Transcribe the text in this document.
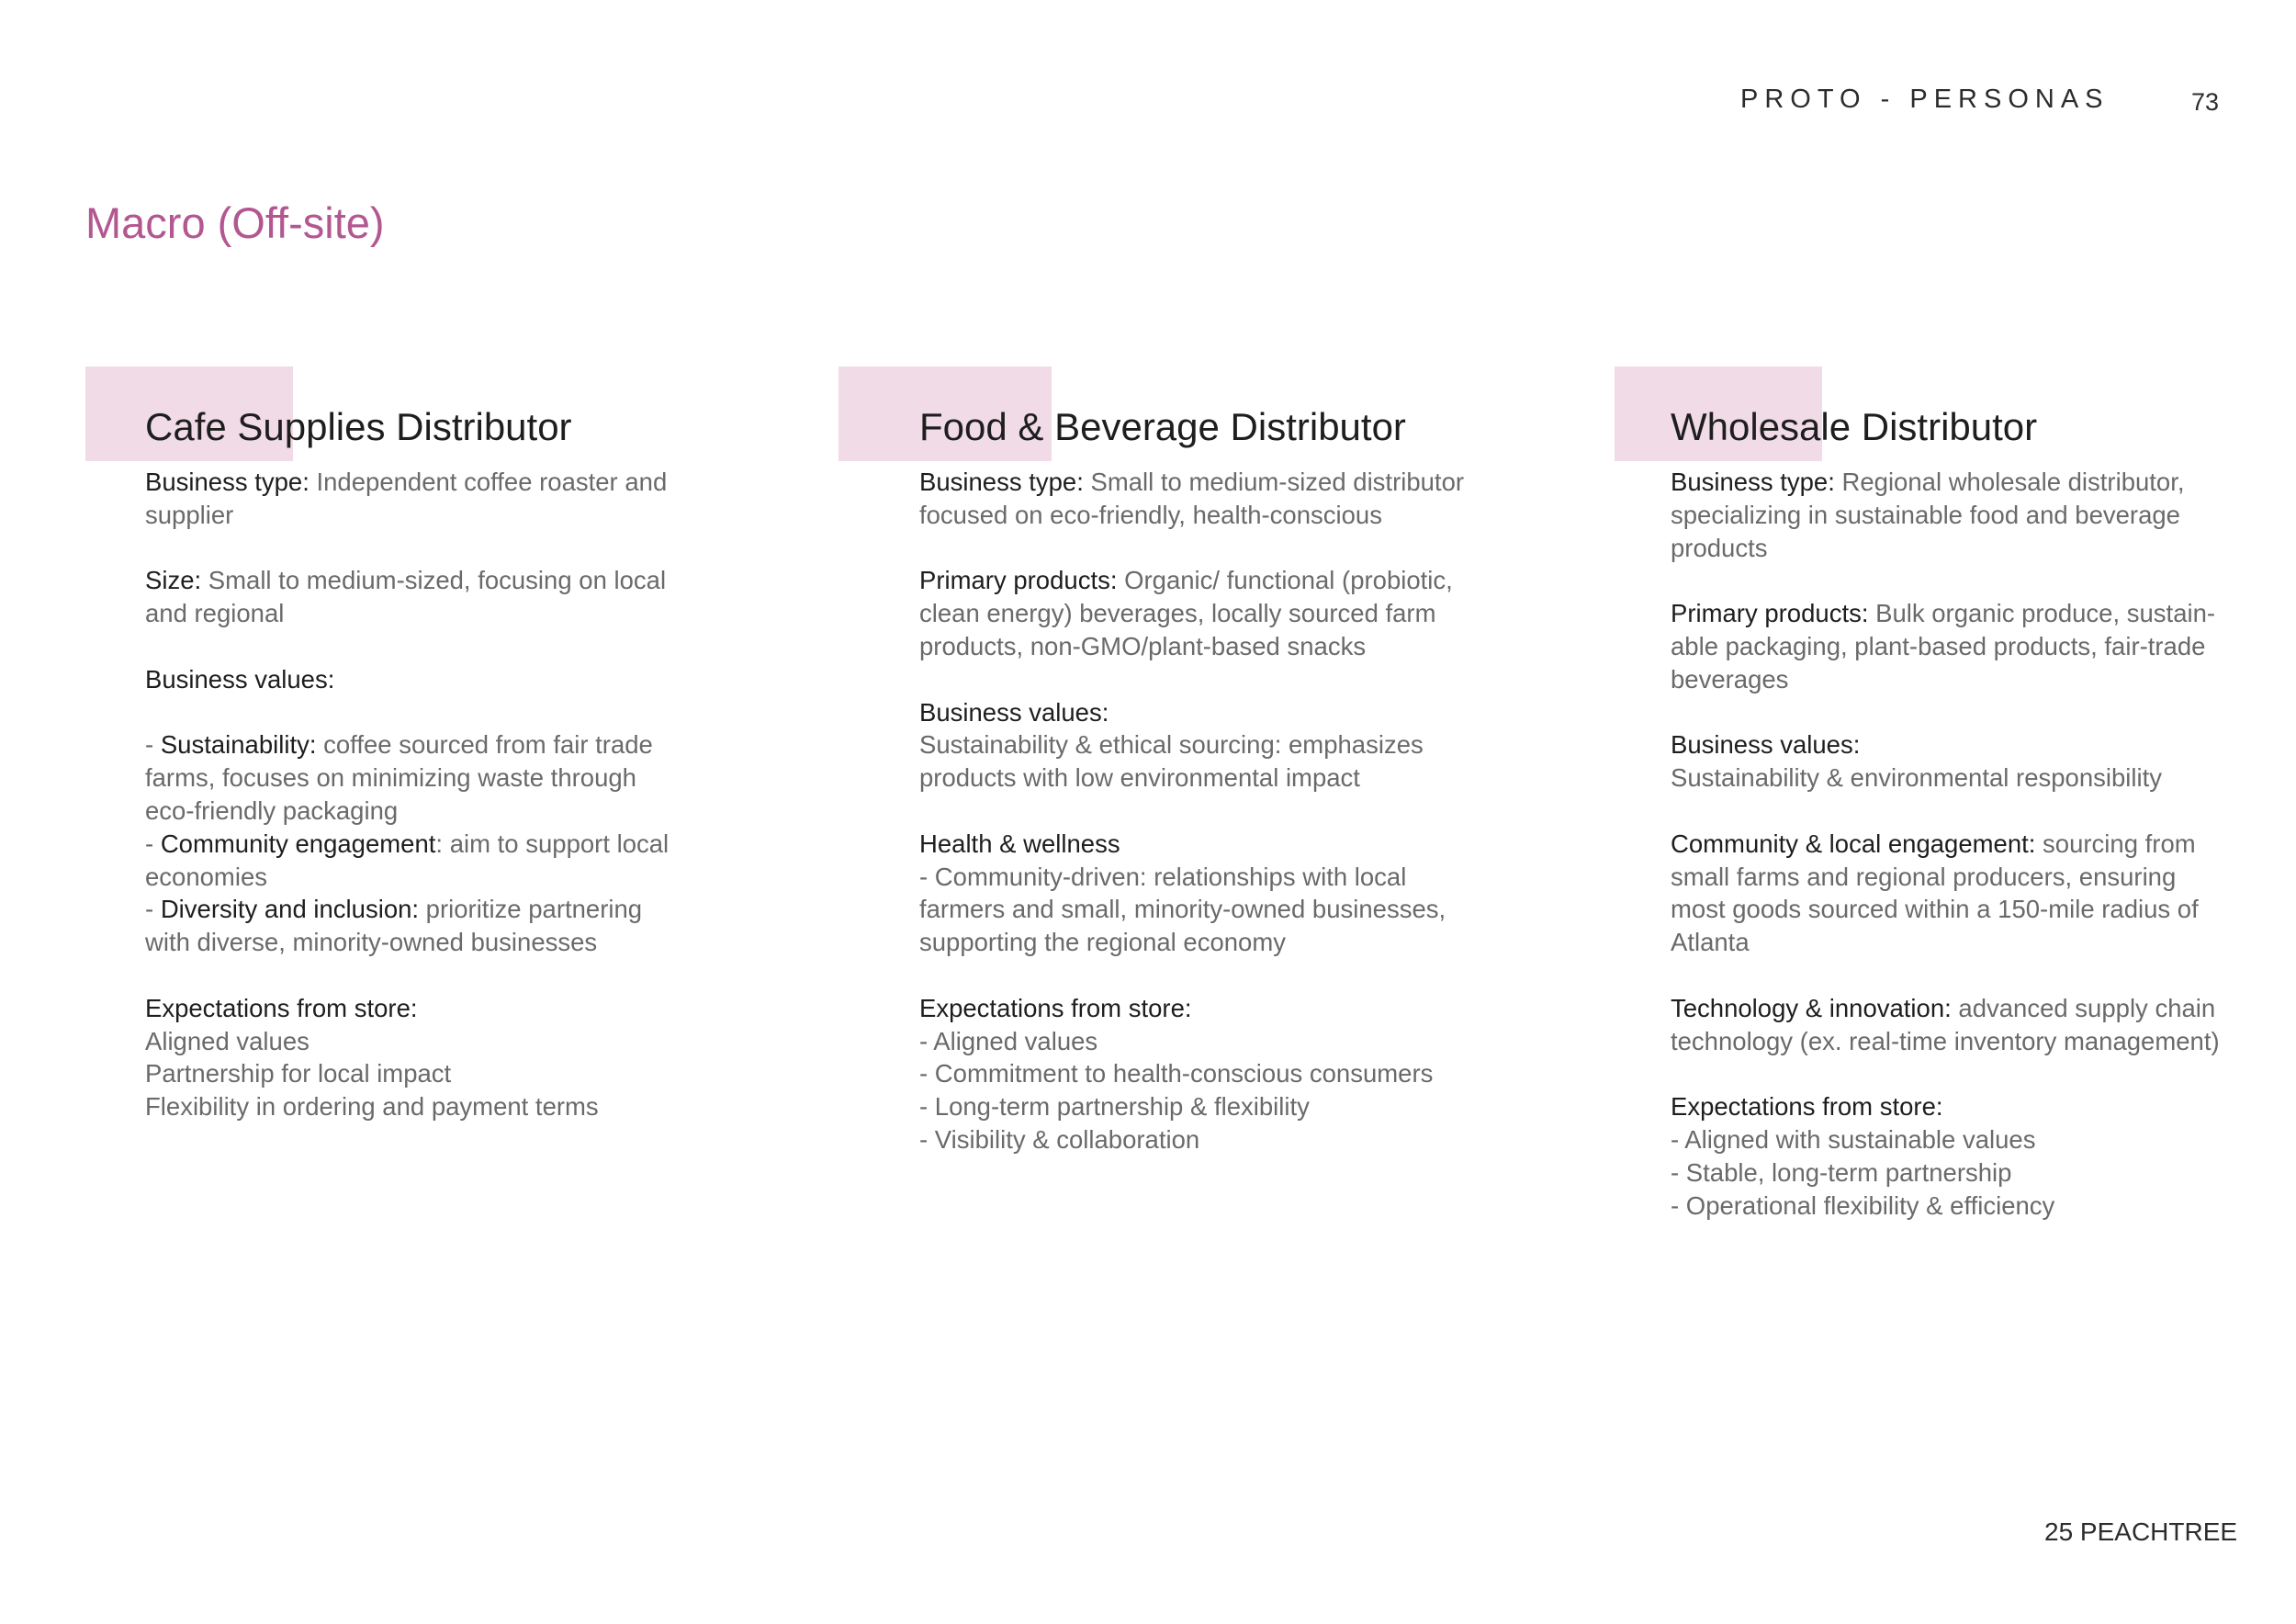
PROTO - PERSONAS	73
Macro (Off-site)
Cafe Supplies Distributor
Business type: Independent coffee roaster and
supplier
Size: Small to medium-sized, focusing on local
and regional
Business values:
- Sustainability: coffee sourced from fair trade
farms, focuses on minimizing waste through
eco-friendly packaging
- Community engagement: aim to support local
economies
- Diversity and inclusion: prioritize partnering
with diverse, minority-owned businesses
Expectations from store:
Aligned values
Partnership for local impact
Flexibility in ordering and payment terms
Food & Beverage Distributor
Business type: Small to medium-sized distributor
focused on eco-friendly, health-conscious
Primary products: Organic/ functional (probiotic,
clean energy) beverages, locally sourced farm
products, non-GMO/plant-based snacks
Business values:
Sustainability & ethical sourcing: emphasizes
products with low environmental impact
Health & wellness
- Community-driven: relationships with local
farmers and small, minority-owned businesses,
supporting the regional economy
Expectations from store:
- Aligned values
- Commitment to health-conscious consumers
- Long-term partnership & flexibility
- Visibility & collaboration
Wholesale Distributor
Business type: Regional wholesale distributor,
specializing in sustainable food and beverage
products
Primary products: Bulk organic produce, sustain-
able packaging, plant-based products, fair-trade
beverages
Business values:
Sustainability & environmental responsibility
Community & local engagement: sourcing from
small farms and regional producers, ensuring
most goods sourced within a 150-mile radius of
Atlanta
Technology & innovation: advanced supply chain
technology (ex. real-time inventory management)
Expectations from store:
- Aligned with sustainable values
- Stable, long-term partnership
- Operational flexibility & efficiency
25 PEACHTREE
